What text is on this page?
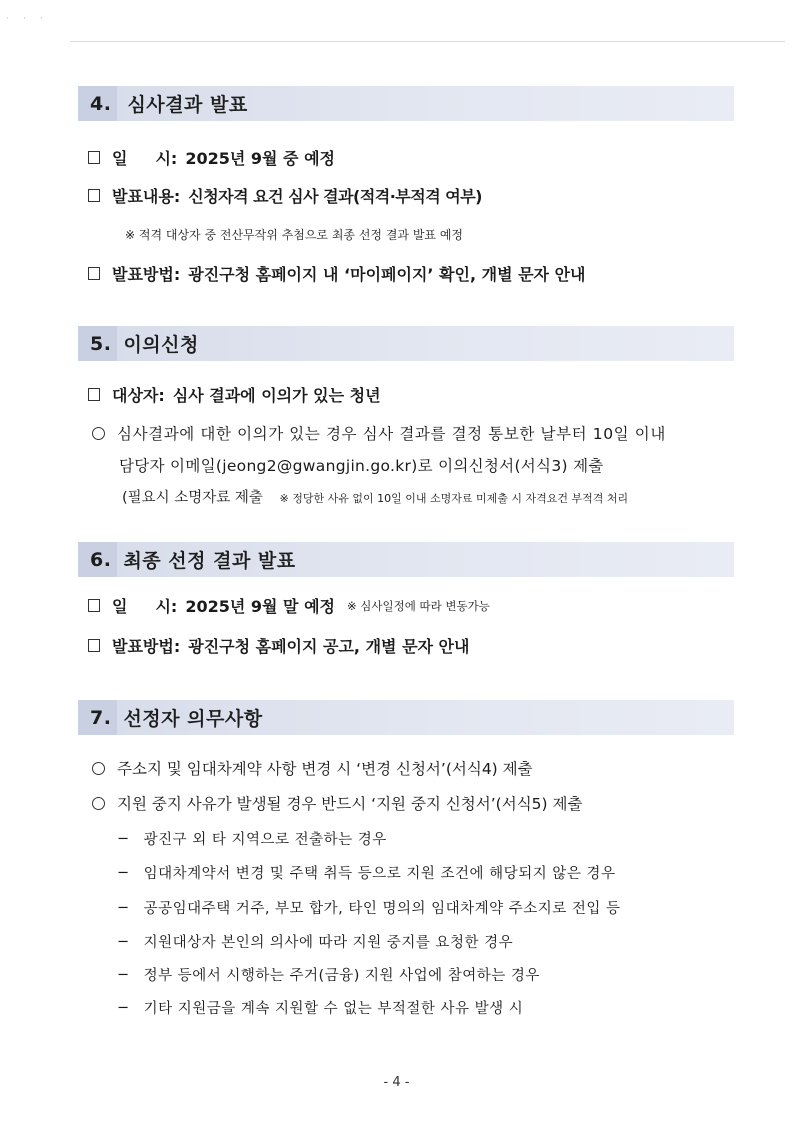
· · ·
4. 심사결과 발표
일 시: 2025년 9월 중 예정
발표내용: 신청자격 요건 심사 결과(적격·부적격 여부)
※ 적격 대상자 중 전산무작위 추첨으로 최종 선정 결과 발표 예정
발표방법: 광진구청 홈페이지 내 ‘마이페이지’ 확인, 개별 문자 안내
5. 이의신청
대상자: 심사 결과에 이의가 있는 청년
심사결과에 대한 이의가 있는 경우 심사 결과를 결정 통보한 날부터 10일 이내
담당자 이메일(jeong2@gwangjin.go.kr)로 이의신청서(서식3) 제출
(필요시 소명자료 제출 ※ 정당한 사유 없이 10일 이내 소명자료 미제출 시 자격요건 부적격 처리
6. 최종 선정 결과 발표
일 시: 2025년 9월 말 예정 ※ 심사일정에 따라 변동가능
발표방법: 광진구청 홈페이지 공고, 개별 문자 안내
7. 선정자 의무사항
주소지 및 임대차계약 사항 변경 시 ‘변경 신청서’(서식4) 제출
지원 중지 사유가 발생될 경우 반드시 ‘지원 중지 신청서’(서식5) 제출
− 광진구 외 타 지역으로 전출하는 경우
− 임대차계약서 변경 및 주택 취득 등으로 지원 조건에 해당되지 않은 경우
− 공공임대주택 거주, 부모 합가, 타인 명의의 임대차계약 주소지로 전입 등
− 지원대상자 본인의 의사에 따라 지원 중지를 요청한 경우
− 정부 등에서 시행하는 주거(금융) 지원 사업에 참여하는 경우
− 기타 지원금을 계속 지원할 수 없는 부적절한 사유 발생 시
- 4 -
